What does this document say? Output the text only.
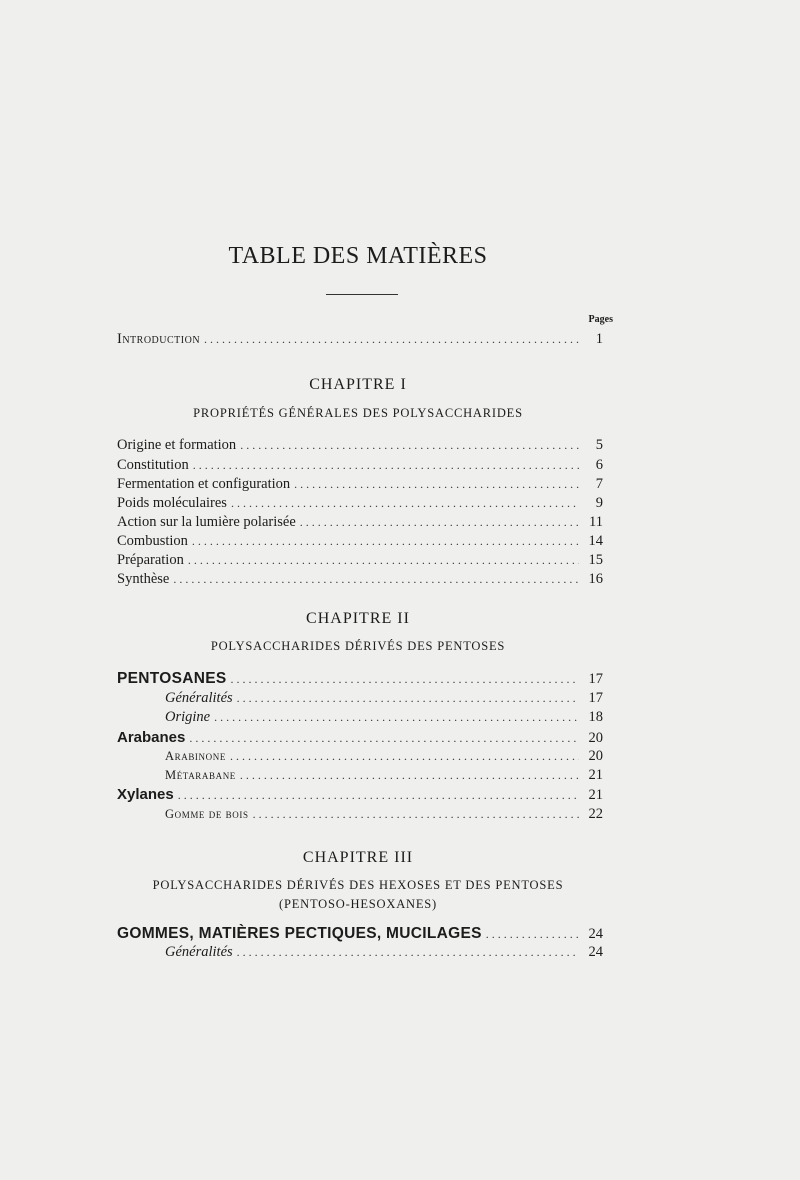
TABLE DES MATIÈRES
Pages
Introduction .....	1
CHAPITRE I
PROPRIÉTÉS GÉNÉRALES DES POLYSACCHARIDES
Origine et formation .....	5
Constitution .....	6
Fermentation et configuration .....	7
Poids moléculaires .....	9
Action sur la lumière polarisée .....	11
Combustion .....	14
Préparation .....	15
Synthèse .....	16
CHAPITRE II
POLYSACCHARIDES DÉRIVÉS DES PENTOSES
PENTOSANES .....	17
Généralités .....	17
Origine .....	18
Arabanes .....	20
Arabinone .....	20
Métarabane .....	21
Xylanes .....	21
Gomme de bois .....	22
CHAPITRE III
POLYSACCHARIDES DÉRIVÉS DES HEXOSES ET DES PENTOSES
(PENTOSO-HESOXANES)
GOMMES, MATIÈRES PECTIQUES, MUCILAGES .....	24
Généralités .....	24
